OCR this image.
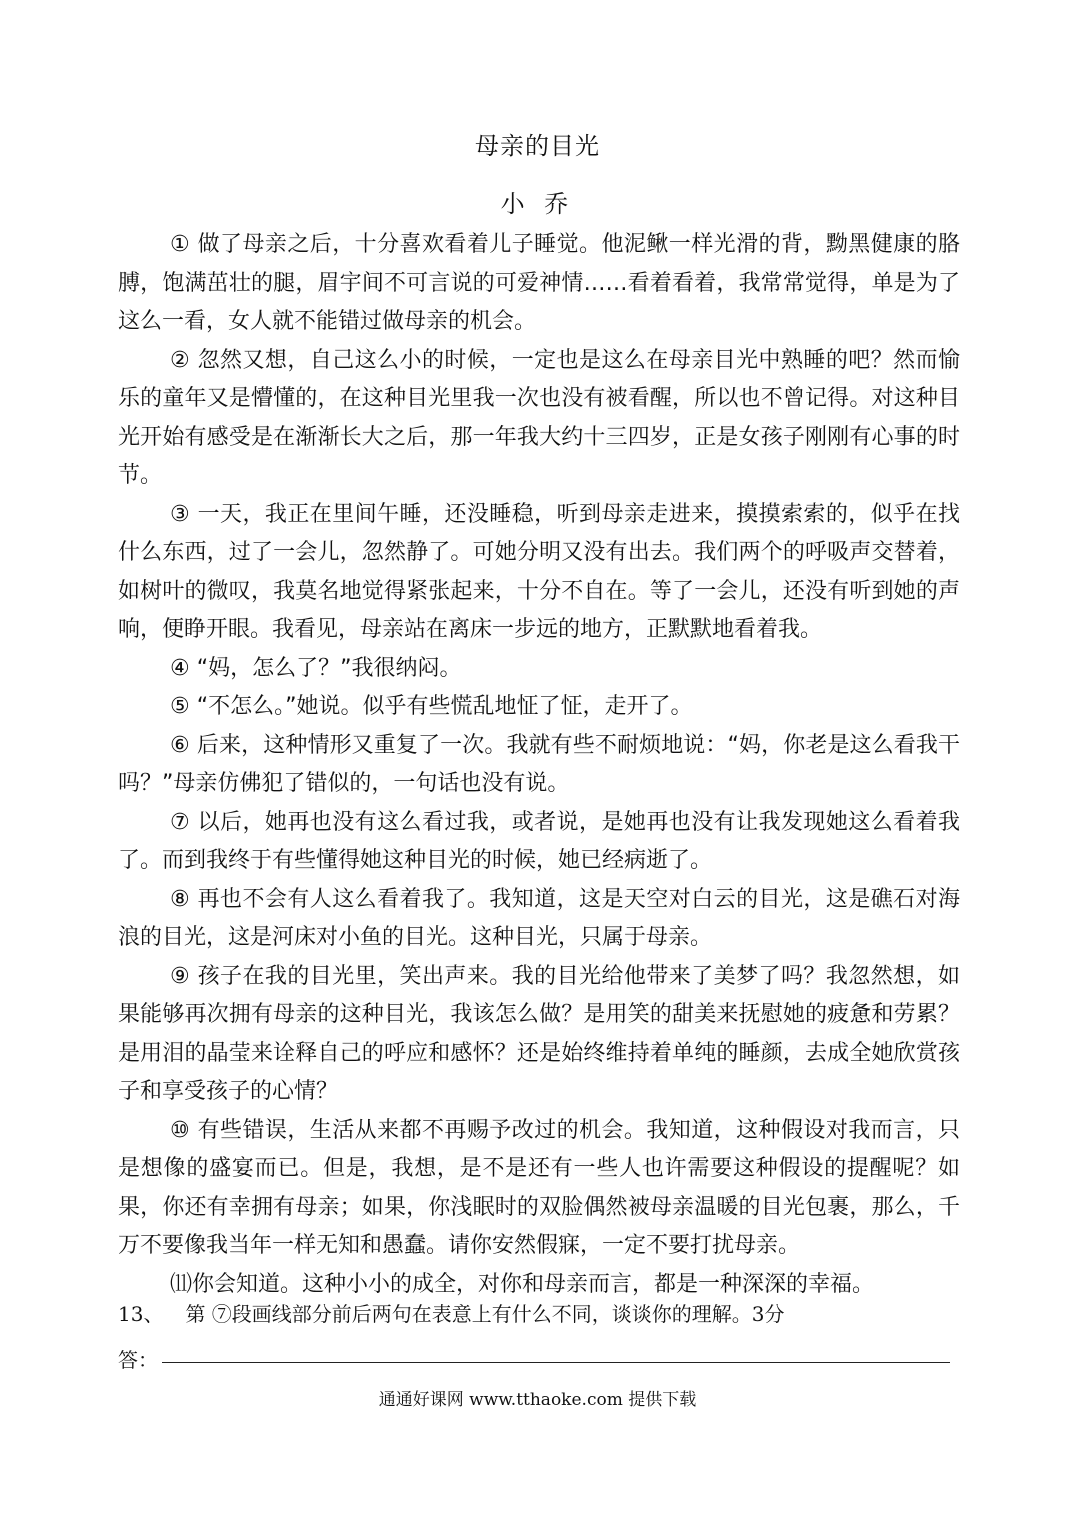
母亲的目光
小 乔

① 做了母亲之后，十分喜欢看着儿子睡觉。他泥鳅一样光滑的背，黝黑健康的胳膊，饱满茁壮的腿，眉宇间不可言说的可爱神情……看着看着，我常常觉得，单是为了这么一看，女人就不能错过做母亲的机会。

② 忽然又想，自己这么小的时候，一定也是这么在母亲目光中熟睡的吧？然而愉乐的童年又是懵懂的，在这种目光里我一次也没有被看醒，所以也不曾记得。对这种目光开始有感受是在渐渐长大之后，那一年我大约十三四岁，正是女孩子刚刚有心事的时节。

③ 一天，我正在里间午睡，还没睡稳，听到母亲走进来，摸摸索索的，似乎在找什么东西，过了一会儿，忽然静了。可她分明又没有出去。我们两个的呼吸声交替着，如树叶的微叹，我莫名地觉得紧张起来，十分不自在。等了一会儿，还没有听到她的声响，便睁开眼。我看见，母亲站在离床一步远的地方，正默默地看着我。

④ “妈，怎么了？”我很纳闷。

⑤ “不怎么。”她说。似乎有些慌乱地怔了怔，走开了。

⑥ 后来，这种情形又重复了一次。我就有些不耐烦地说：“妈，你老是这么看我干吗？”母亲仿佛犯了错似的，一句话也没有说。

⑦ 以后，她再也没有这么看过我，或者说，是她再也没有让我发现她这么看着我了。而到我终于有些懂得她这种目光的时候，她已经病逝了。

⑧ 再也不会有人这么看着我了。我知道，这是天空对白云的目光，这是礁石对海浪的目光，这是河床对小鱼的目光。这种目光，只属于母亲。

⑨ 孩子在我的目光里，笑出声来。我的目光给他带来了美梦了吗？我忽然想，如果能够再次拥有母亲的这种目光，我该怎么做？是用笑的甜美来抚慰她的疲惫和劳累？是用泪的晶莹来诠释自己的呼应和感怀？还是始终维持着单纯的睡颜，去成全她欣赏孩子和享受孩子的心情？

⑩ 有些错误，生活从来都不再赐予改过的机会。我知道，这种假设对我而言，只是想像的盛宴而已。但是，我想，是不是还有一些人也许需要这种假设的提醒呢？如果，你还有幸拥有母亲；如果，你浅眠时的双脸偶然被母亲温暖的目光包裹，那么，千万不要像我当年一样无知和愚蠢。请你安然假寐，一定不要打扰母亲。

⑾你会知道。这种小小的成全，对你和母亲而言，都是一种深深的幸福。

13、 第 ⑦段画线部分前后两句在表意上有什么不同，谈谈你的理解。3分
答：
通通好课网 www.tthaoke.com 提供下载
